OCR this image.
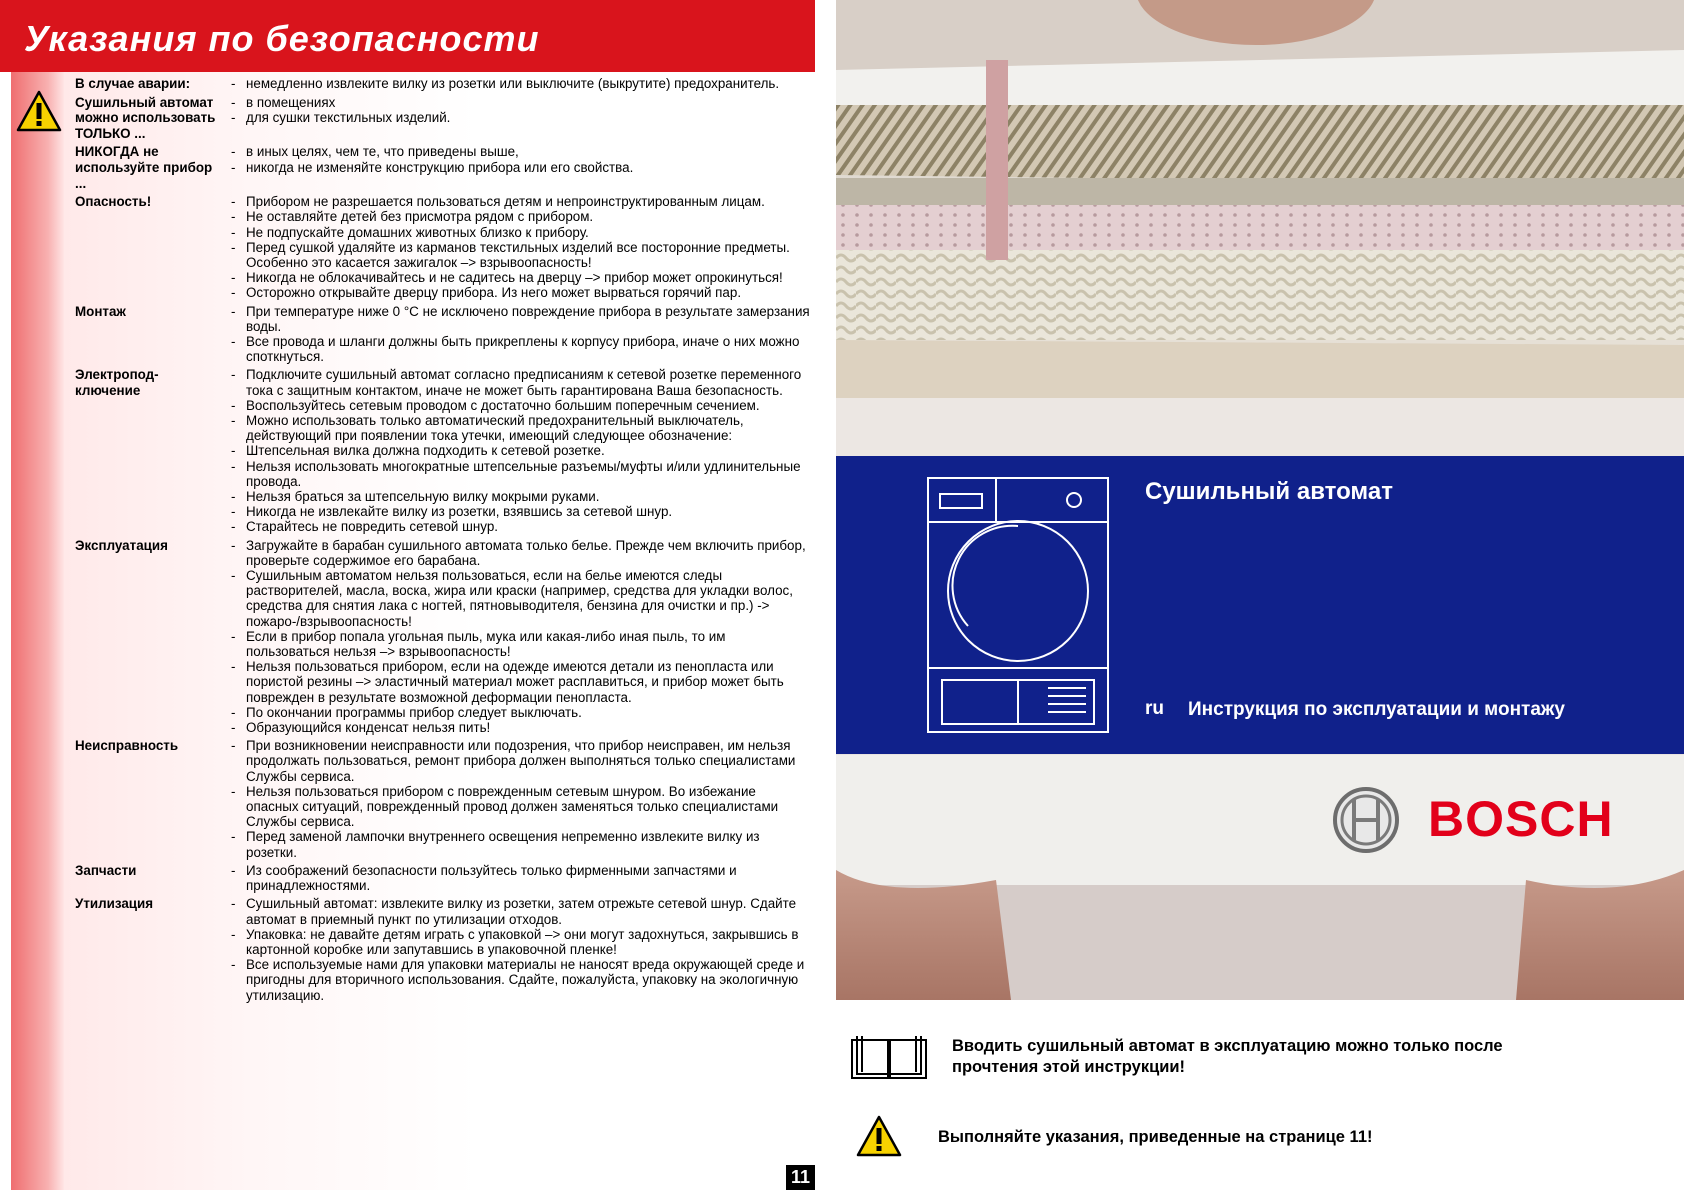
Указания по безопасности
В случае аварии:	- немедленно извлеките вилку из розетки или выключите (выкрутите) предохранитель.
Сушильный автомат можно использовать ТОЛЬКО ...
- в помещениях
- для сушки текстильных изделий.
НИКОГДА не используйте прибор ...
- в иных целях, чем те, что приведены выше,
- никогда не изменяйте конструкцию прибора или его свойства.
Опасность!	- Прибором не разрешается пользоваться детям и непроинструктированным лицам.
- Не оставляйте детей без присмотра рядом с прибором.
- Не подпускайте домашних животных близко к прибору.
- Перед сушкой удаляйте из карманов текстильных изделий все посторонние предметы. Особенно это касается зажигалок –> взрывоопасность!
- Никогда не облокачивайтесь и не садитесь на дверцу –> прибор может опрокинуться!
- Осторожно открывайте дверцу прибора. Из него может вырваться горячий пар.
Монтаж	- При температуре ниже 0 °C не исключено повреждение прибора в результате замерзания воды.
- Все провода и шланги должны быть прикреплены к корпусу прибора, иначе о них можно споткнуться.
Электропод- ключение
- Подключите сушильный автомат согласно предписаниям к сетевой розетке переменного тока с защитным контактом, иначе не может быть гарантирована Ваша безопасность.
- Воспользуйтесь сетевым проводом с достаточно большим поперечным сечением.
- Можно использовать только автоматический предохранительный выключатель, действующий при появлении тока утечки, имеющий следующее обозначение:
- Штепсельная вилка должна подходить к сетевой розетке.
- Нельзя использовать многократные штепсельные разъемы/муфты и/или удлинительные провода.
- Нельзя браться за штепсельную вилку мокрыми руками.
- Никогда не извлекайте вилку из розетки, взявшись за сетевой шнур.
- Старайтесь не повредить сетевой шнур.
Эксплуатация	- Загружайте в барабан сушильного автомата только белье. Прежде чем включить прибор, проверьте содержимое его барабана.
- Сушильным автоматом нельзя пользоваться, если на белье имеются следы растворителей, масла, воска, жира или краски (например, средства для укладки волос, средства для снятия лака с ногтей, пятновыводителя, бензина для очистки и пр.) -> пожаро-/взрывоопасность!
- Если в прибор попала угольная пыль, мука или какая-либо иная пыль, то им пользоваться нельзя –> взрывоопасность!
- Нельзя пользоваться прибором, если на одежде имеются детали из пенопласта или пористой резины –> эластичный материал может расплавиться, и прибор может быть поврежден в результате возможной деформации пенопласта.
- По окончании программы прибор следует выключать.
- Образующийся конденсат нельзя пить!
Неисправность	- При возникновении неисправности или подозрения, что прибор неисправен, им нельзя продолжать пользоваться, ремонт прибора должен выполняться только специалистами Службы сервиса.
- Нельзя пользоваться прибором с поврежденным сетевым шнуром. Во избежание опасных ситуаций, поврежденный провод должен заменяться только специалистами Службы сервиса.
- Перед заменой лампочки внутреннего освещения непременно извлеките вилку из розетки.
Запчасти	- Из соображений безопасности пользуйтесь только фирменными запчастями и принадлежностями.
Утилизация	- Сушильный автомат: извлеките вилку из розетки, затем отрежьте сетевой шнур. Сдайте автомат в приемный пункт по утилизации отходов.
- Упаковка: не давайте детям играть с упаковкой –> они могут задохнуться, закрывшись в картонной коробке или запутавшись в упаковочной пленке!
- Все используемые нами для упаковки материалы не наносят вреда окружающей среде и пригодны для вторичного использования. Сдайте, пожалуйста, упаковку на экологичную утилизацию.
11
Сушильный автомат
ru Инструкция по эксплуатации и монтажу
BOSCH
Вводить сушильный автомат в эксплуатацию можно только после прочтения этой инструкции!
Выполняйте указания, приведенные на странице 11!
